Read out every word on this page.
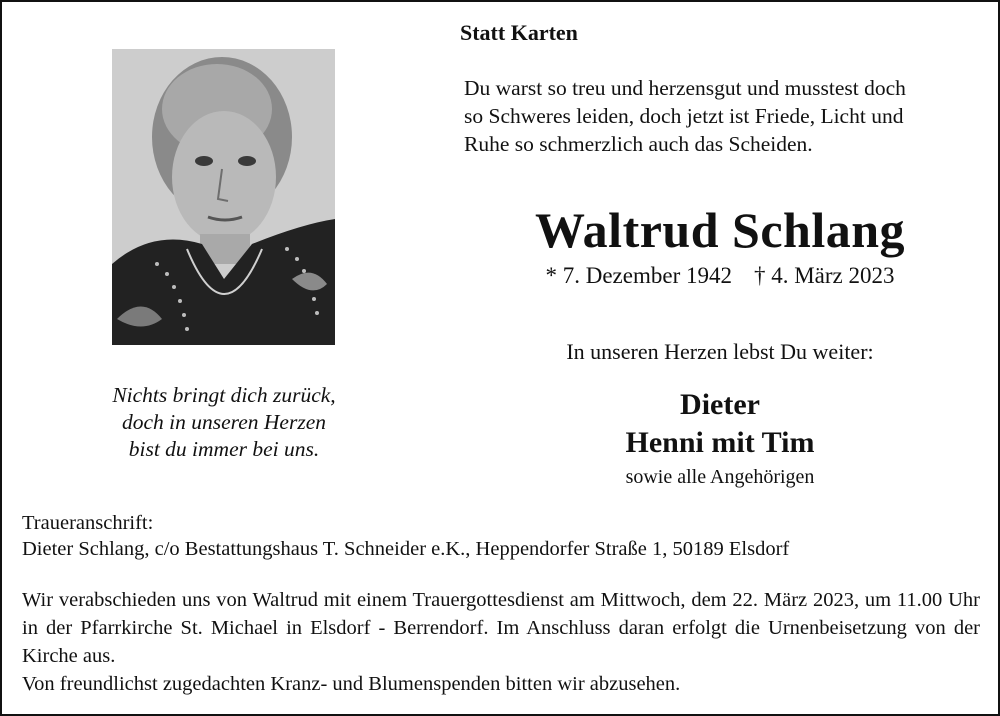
Statt Karten

Du warst so treu und herzensgut und musstest doch
so Schweres leiden, doch jetzt ist Friede, Licht und
Ruhe so schmerzlich auch das Scheiden.

Waltrud Schlang
* 7. Dezember 1942 † 4. März 2023
In unseren Herzen lebst Du weiter:
Dieter
Henni mit Tim
sowie alle Angehörigen
Nichts bringt dich zurück,
doch in unseren Herzen
bist du immer bei uns.
Traueranschrift:
Dieter Schlang, c/o Bestattungshaus T. Schneider e.K., Heppendorfer Straße 1, 50189 Elsdorf
Wir verabschieden uns von Waltrud mit einem Trauergottesdienst am Mittwoch, dem 22. März 2023, um 11.00 Uhr in der Pfarrkirche St. Michael in Elsdorf - Berrendorf. Im Anschluss daran erfolgt die Urnenbeisetzung von der Kirche aus.
Von freundlichst zugedachten Kranz- und Blumenspenden bitten wir abzusehen.
